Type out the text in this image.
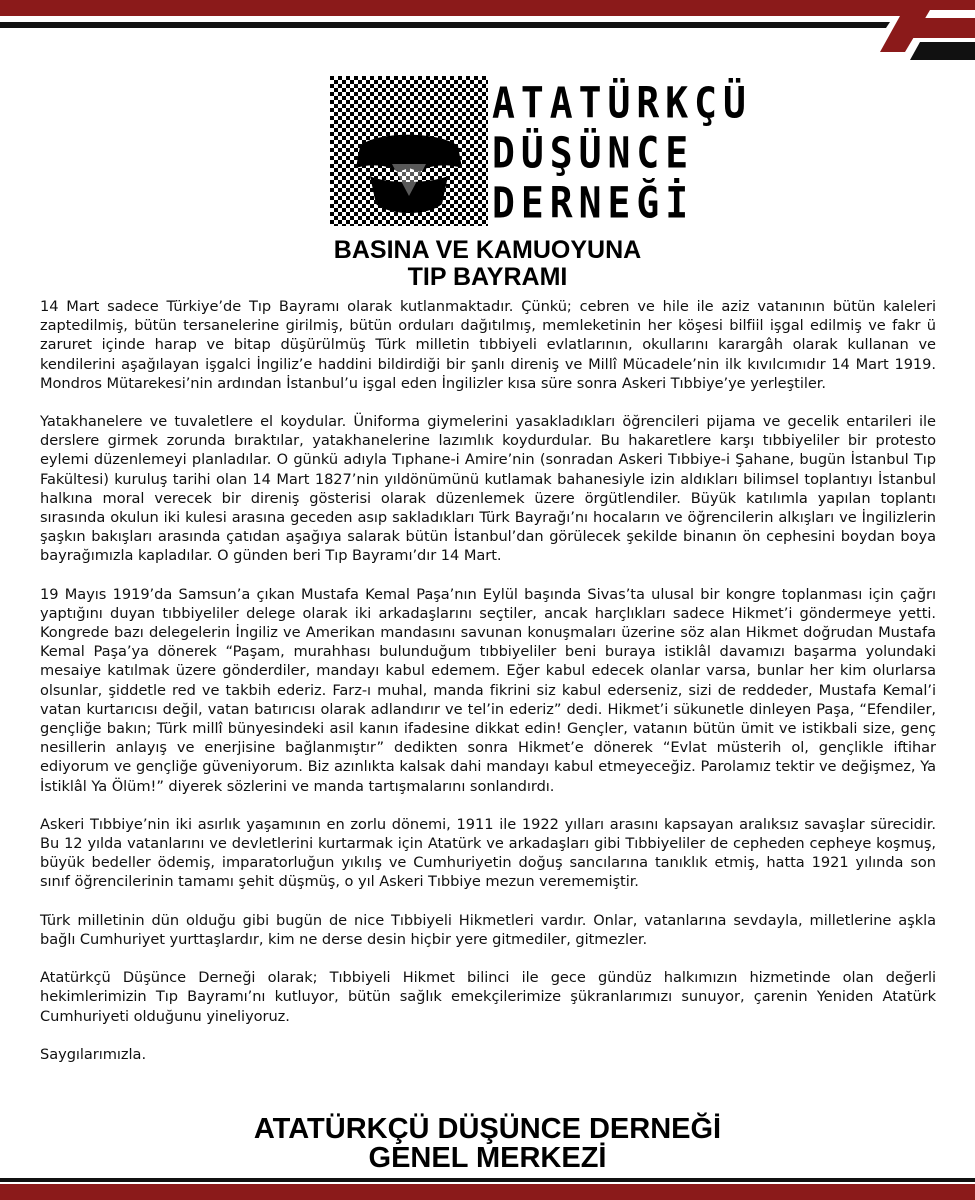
ATATÜRKÇÜ
DÜŞÜNCE
DERNEĞİ
BASINA VE KAMUOYUNA
TIP BAYRAMI

14 Mart sadece Türkiye’de Tıp Bayramı olarak kutlanmaktadır. Çünkü; cebren ve hile ile aziz vatanının bütün kaleleri zaptedilmiş, bütün tersanelerine girilmiş, bütün orduları dağıtılmış, memleketinin her köşesi bilfiil işgal edilmiş ve fakr ü zaruret içinde harap ve bitap düşürülmüş Türk milletin tıbbiyeli evlatlarının, okullarını karargâh olarak kullanan ve kendilerini aşağılayan işgalci İngiliz’e haddini bildirdiği bir şanlı direniş ve Millî Mücadele’nin ilk kıvılcımıdır 14 Mart 1919. Mondros Mütarekesi’nin ardından İstanbul’u işgal eden İngilizler kısa süre sonra Askeri Tıbbiye’ye yerleştiler.

Yatakhanelere ve tuvaletlere el koydular. Üniforma giymelerini yasakladıkları öğrencileri pijama ve gecelik entarileri ile derslere girmek zorunda bıraktılar, yatakhanelerine lazımlık koydurdular. Bu hakaretlere karşı tıbbiyeliler bir protesto eylemi düzenlemeyi planladılar. O günkü adıyla Tıphane-i Amire’nin (sonradan Askeri Tıbbiye-i Şahane, bugün İstanbul Tıp Fakültesi) kuruluş tarihi olan 14 Mart 1827’nin yıldönümünü kutlamak bahanesiyle izin aldıkları bilimsel toplantıyı İstanbul halkına moral verecek bir direniş gösterisi olarak düzenlemek üzere örgütlendiler. Büyük katılımla yapılan toplantı sırasında okulun iki kulesi arasına geceden asıp sakladıkları Türk Bayrağı’nı hocaların ve öğrencilerin alkışları ve İngilizlerin şaşkın bakışları arasında çatıdan aşağıya salarak bütün İstanbul’dan görülecek şekilde binanın ön cephesini boydan boya bayrağımızla kapladılar. O günden beri Tıp Bayramı’dır 14 Mart.

19 Mayıs 1919’da Samsun’a çıkan Mustafa Kemal Paşa’nın Eylül başında Sivas’ta ulusal bir kongre toplanması için çağrı yaptığını duyan tıbbiyeliler delege olarak iki arkadaşlarını seçtiler, ancak harçlıkları sadece Hikmet’i göndermeye yetti. Kongrede bazı delegelerin İngiliz ve Amerikan mandasını savunan konuşmaları üzerine söz alan Hikmet doğrudan Mustafa Kemal Paşa’ya dönerek “Paşam, murahhası bulunduğum tıbbiyeliler beni buraya istiklâl davamızı başarma yolundaki mesaiye katılmak üzere gönderdiler, mandayı kabul edemem. Eğer kabul edecek olanlar varsa, bunlar her kim olurlarsa olsunlar, şiddetle red ve takbih ederiz. Farz-ı muhal, manda fikrini siz kabul ederseniz, sizi de reddeder, Mustafa Kemal’i vatan kurtarıcısı değil, vatan batırıcısı olarak adlandırır ve tel’in ederiz” dedi. Hikmet’i sükunetle dinleyen Paşa, “Efendiler, gençliğe bakın; Türk millî bünyesindeki asil kanın ifadesine dikkat edin! Gençler, vatanın bütün ümit ve istikbali size, genç nesillerin anlayış ve enerjisine bağlanmıştır” dedikten sonra Hikmet’e dönerek “Evlat müsterih ol, gençlikle iftihar ediyorum ve gençliğe güveniyorum. Biz azınlıkta kalsak dahi mandayı kabul etmeyeceğiz. Parolamız tektir ve değişmez, Ya İstiklâl Ya Ölüm!” diyerek sözlerini ve manda tartışmalarını sonlandırdı.

Askeri Tıbbiye’nin iki asırlık yaşamının en zorlu dönemi, 1911 ile 1922 yılları arasını kapsayan aralıksız savaşlar sürecidir. Bu 12 yılda vatanlarını ve devletlerini kurtarmak için Atatürk ve arkadaşları gibi Tıbbiyeliler de cepheden cepheye koşmuş, büyük bedeller ödemiş, imparatorluğun yıkılış ve Cumhuriyetin doğuş sancılarına tanıklık etmiş, hatta 1921 yılında son sınıf öğrencilerinin tamamı şehit düşmüş, o yıl Askeri Tıbbiye mezun verememiştir.

Türk milletinin dün olduğu gibi bugün de nice Tıbbiyeli Hikmetleri vardır. Onlar, vatanlarına sevdayla, milletlerine aşkla bağlı Cumhuriyet yurttaşlardır, kim ne derse desin hiçbir yere gitmediler, gitmezler.

Atatürkçü Düşünce Derneği olarak; Tıbbiyeli Hikmet bilinci ile gece gündüz halkımızın hizmetinde olan değerli hekimlerimizin Tıp Bayramı’nı kutluyor, bütün sağlık emekçilerimize şükranlarımızı sunuyor, çarenin Yeniden Atatürk Cumhuriyeti olduğunu yineliyoruz.

Saygılarımızla.

ATATÜRKÇÜ DÜŞÜNCE DERNEĞİ
GENEL MERKEZİ
